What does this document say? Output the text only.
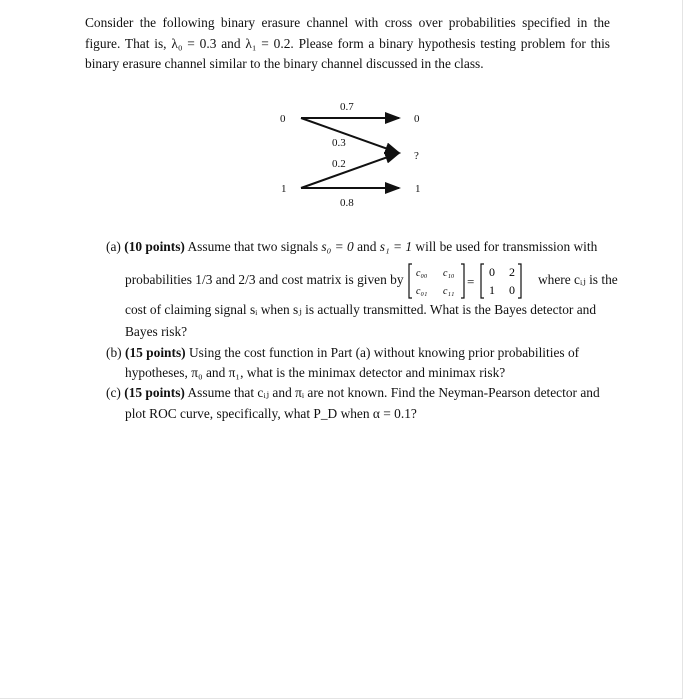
Consider the following binary erasure channel with cross over probabilities specified in the
figure. That is, λ₀ = 0.3 and λ₁ = 0.2. Please form a binary hypothesis testing problem for this
binary erasure channel similar to the binary channel discussed in the class.
0
1
0
?
1
0.7
0.3
0.2
0.8
(a) (10 points) Assume that two signals s₀ = 0 and s₁ = 1 will be used for transmission with
probabilities 1/3 and 2/3 and cost matrix is given by c₀₀ c₁₀
c₀₁ c₁₁
=
0 2
1 0
where cᵢⱼ is the
cost of claiming signal sᵢ when sⱼ is actually transmitted. What is the Bayes detector and
Bayes risk?
(b) (15 points) Using the cost function in Part (a) without knowing prior probabilities of
hypotheses, π₀ and π₁, what is the minimax detector and minimax risk?
(c) (15 points) Assume that cᵢⱼ and πᵢ are not known. Find the Neyman-Pearson detector and
plot ROC curve, specifically, what P_D when α = 0.1?
